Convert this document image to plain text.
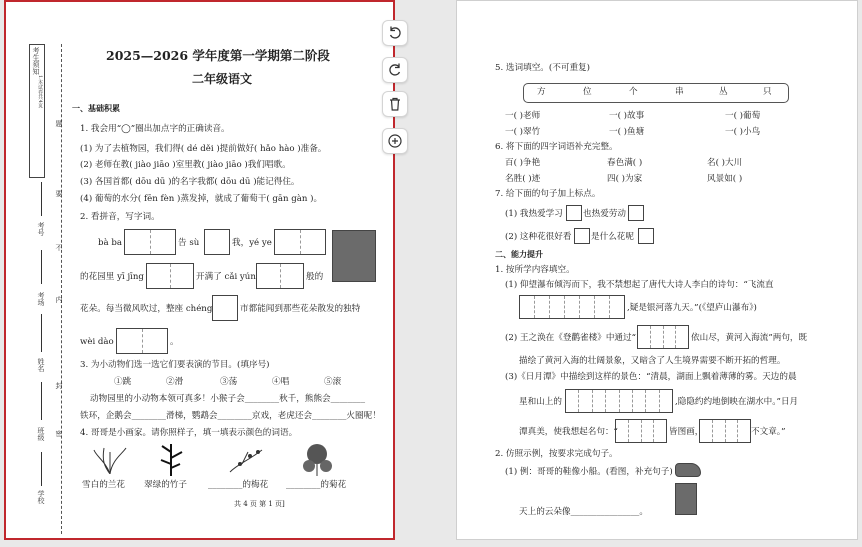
考生须知
1.本试卷共4页
题
要
不
内
封
密
考号
考场
姓名
班级
学校
2025—2026 学年度第一学期第二阶段
二年级语文
一、基础积累
1. 我会用“◯”圈出加点字的正确读音。
(1) 为了去植物园，我们得( dé děi )提前做好( hǎo hào )准备。
(2) 老师在教( jiào jiāo )室里教( jiào jiāo )我们唱歌。
(3) 各国首都( dōu dū )的名字我都( dōu dū )能记得住。
(4) 葡萄的水分( fēn fèn )蒸发掉，就成了葡萄干( gān gàn )。
2. 看拼音，写字词。
bà ba	告 sù	我，yé ye
的花园里 yī jīng	开满了 cǎi yún	般的
花朵。每当微风吹过，整座 chéng	市都能闻到那些花朵散发的独特
wèi dào	。
3. 为小动物们选一选它们要表演的节目。(填序号)
①跳	②滑	③荡	④唱	⑤滚
动物园里的小动物本领可真多！小猴子会________秋千，熊熊会________
铁环，企鹅会________滑梯，鹦鹉会________京戏，老虎还会________火圈呢！
4. 哥哥是小画家。请你照样子，填一填表示颜色的词语。
雪白的兰花 翠绿的竹子 ________的梅花 ________的菊花
共 4 页 第 1 页]
5. 选词填空。(不可重复)
方	位	个	串	丛	只
一( )老师	一( )故事	一( )葡萄
一( )翠竹	一( )鱼塘	一( )小鸟
6. 将下面的四字词语补充完整。
百( )争艳	春色满( )	名( )大川
名胜( )迹	四( )为家	风景如( )
7. 给下面的句子加上标点。
(1) 我热爱学习 也热爱劳动
(2) 这种花很好看 是什么花呢
二、能力提升
1. 按所学内容填空。
(1) 仰望瀑布倾泻而下，我不禁想起了唐代大诗人李白的诗句：“飞流直
,疑是银河落九天。”(《望庐山瀑布》)
(2) 王之涣在《登鹳雀楼》中通过“	依山尽，黄河入海流”两句，既
描绘了黄河入海的壮阔景象，又暗含了人生境界需要不断开拓的哲理。
(3)《日月潭》中描绘到这样的景色：“清晨，湖面上飘着薄薄的雾。天边的晨
星和山上的	,隐隐约约地倒映在湖水中。”日月
潭真美，使我想起名句：“	皆图画，	不文章。”
2. 仿照示例，按要求完成句子。
(1) 例：哥哥的鞋像小船。(看图，补充句子)
天上的云朵像________________。
